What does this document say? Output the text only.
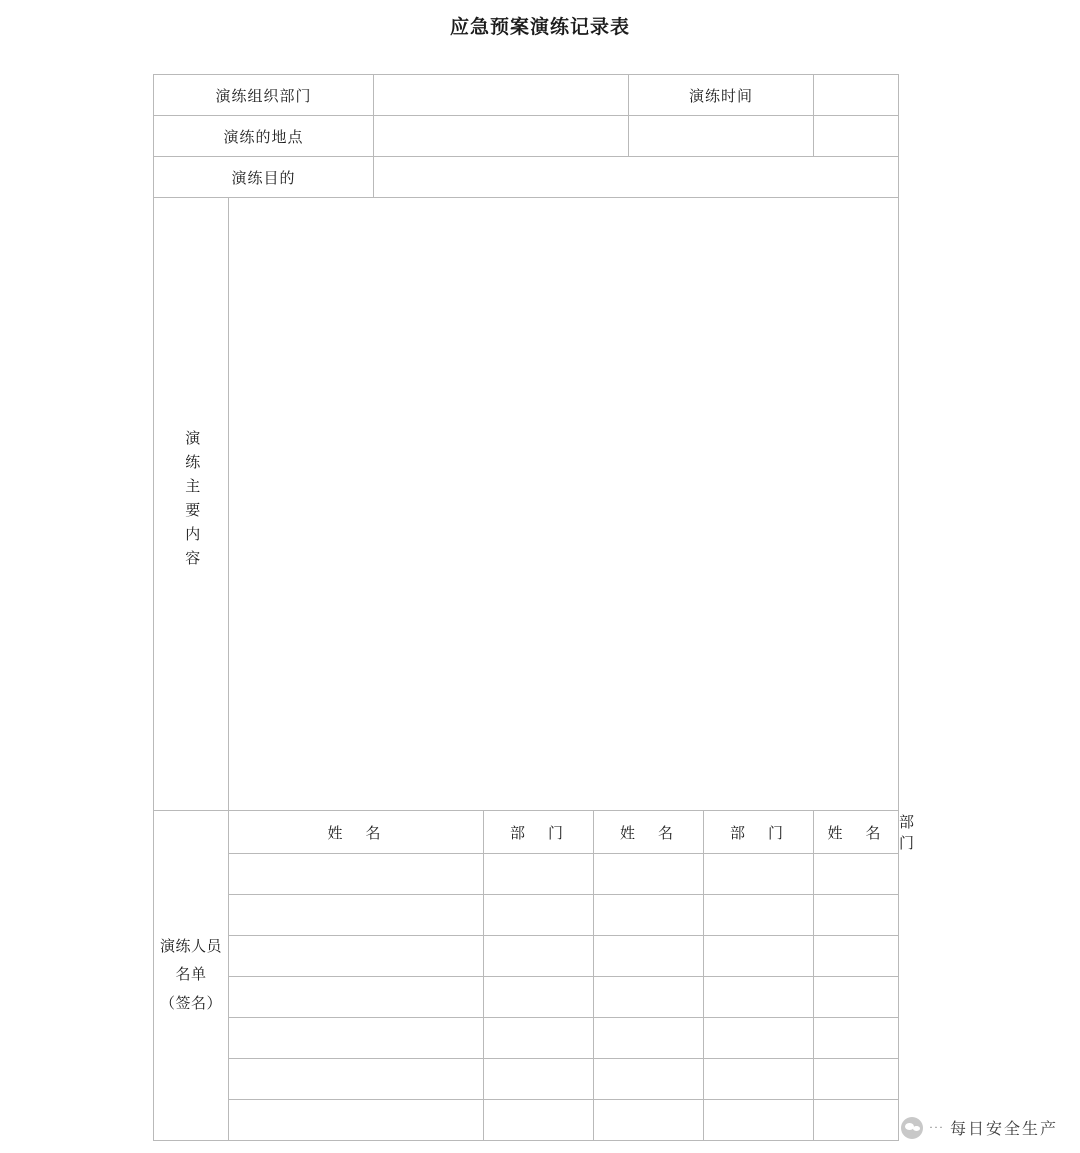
应急预案演练记录表
演练组织部门					演练时间			
演练的地点								
演练目的								
演练主要内容								

演练人员
名单
（签名）	姓　名		部　门	姓　名		部　门	姓　名	部　门

··· 每日安全生产
